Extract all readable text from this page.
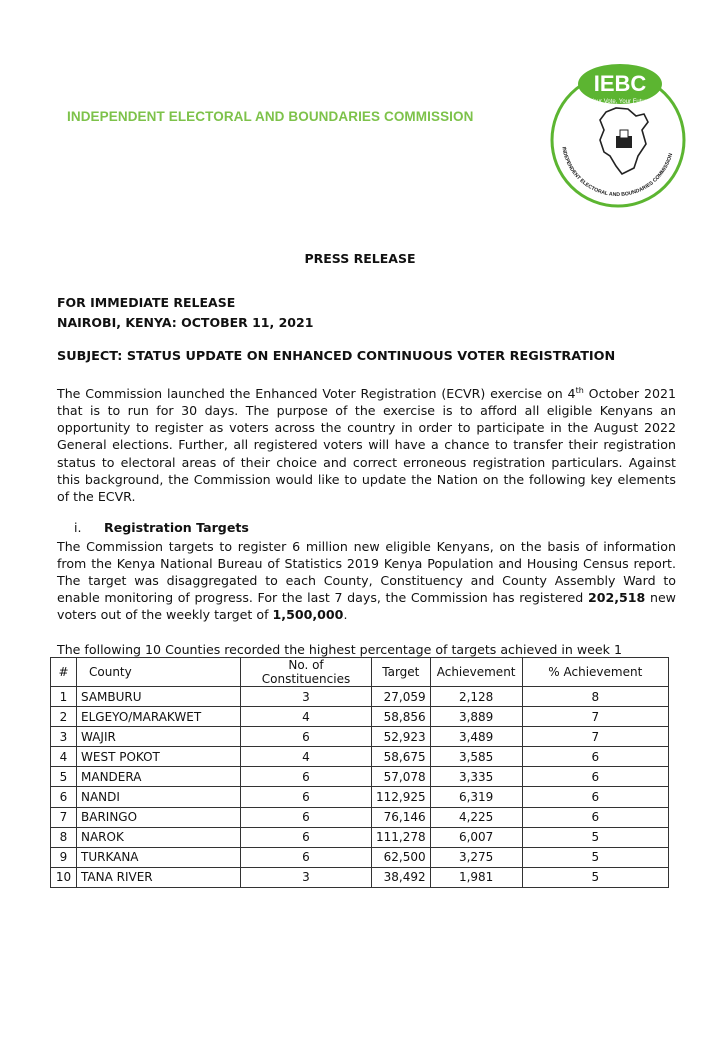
INDEPENDENT ELECTORAL AND BOUNDARIES COMMISSION
IEBC
Your Vote, Your Future
INDEPENDENT ELECTORAL AND BOUNDARIES COMMISSION
PRESS RELEASE
FOR IMMEDIATE RELEASE
NAIROBI, KENYA: OCTOBER 11, 2021
SUBJECT: STATUS UPDATE ON ENHANCED CONTINUOUS VOTER REGISTRATION
The Commission launched the Enhanced Voter Registration (ECVR) exercise on 4th October 2021 that is to run for 30 days. The purpose of the exercise is to afford all eligible Kenyans an opportunity to register as voters across the country in order to participate in the August 2022 General elections. Further, all registered voters will have a chance to transfer their registration status to electoral areas of their choice and correct erroneous registration particulars. Against this background, the Commission would like to update the Nation on the following key elements of the ECVR.
i. Registration Targets
The Commission targets to register 6 million new eligible Kenyans, on the basis of information from the Kenya National Bureau of Statistics 2019 Kenya Population and Housing Census report. The target was disaggregated to each County, Constituency and County Assembly Ward to enable monitoring of progress. For the last 7 days, the Commission has registered 202,518 new voters out of the weekly target of 1,500,000.
The following 10 Counties recorded the highest percentage of targets achieved in week 1
#	County	No. of Constituencies	Target	Achievement	% Achievement
1	SAMBURU	3	27,059	2,128	8
2	ELGEYO/MARAKWET	4	58,856	3,889	7
3	WAJIR	6	52,923	3,489	7
4	WEST POKOT	4	58,675	3,585	6
5	MANDERA	6	57,078	3,335	6
6	NANDI	6	112,925	6,319	6
7	BARINGO	6	76,146	4,225	6
8	NAROK	6	111,278	6,007	5
9	TURKANA	6	62,500	3,275	5
10	TANA RIVER	3	38,492	1,981	5
